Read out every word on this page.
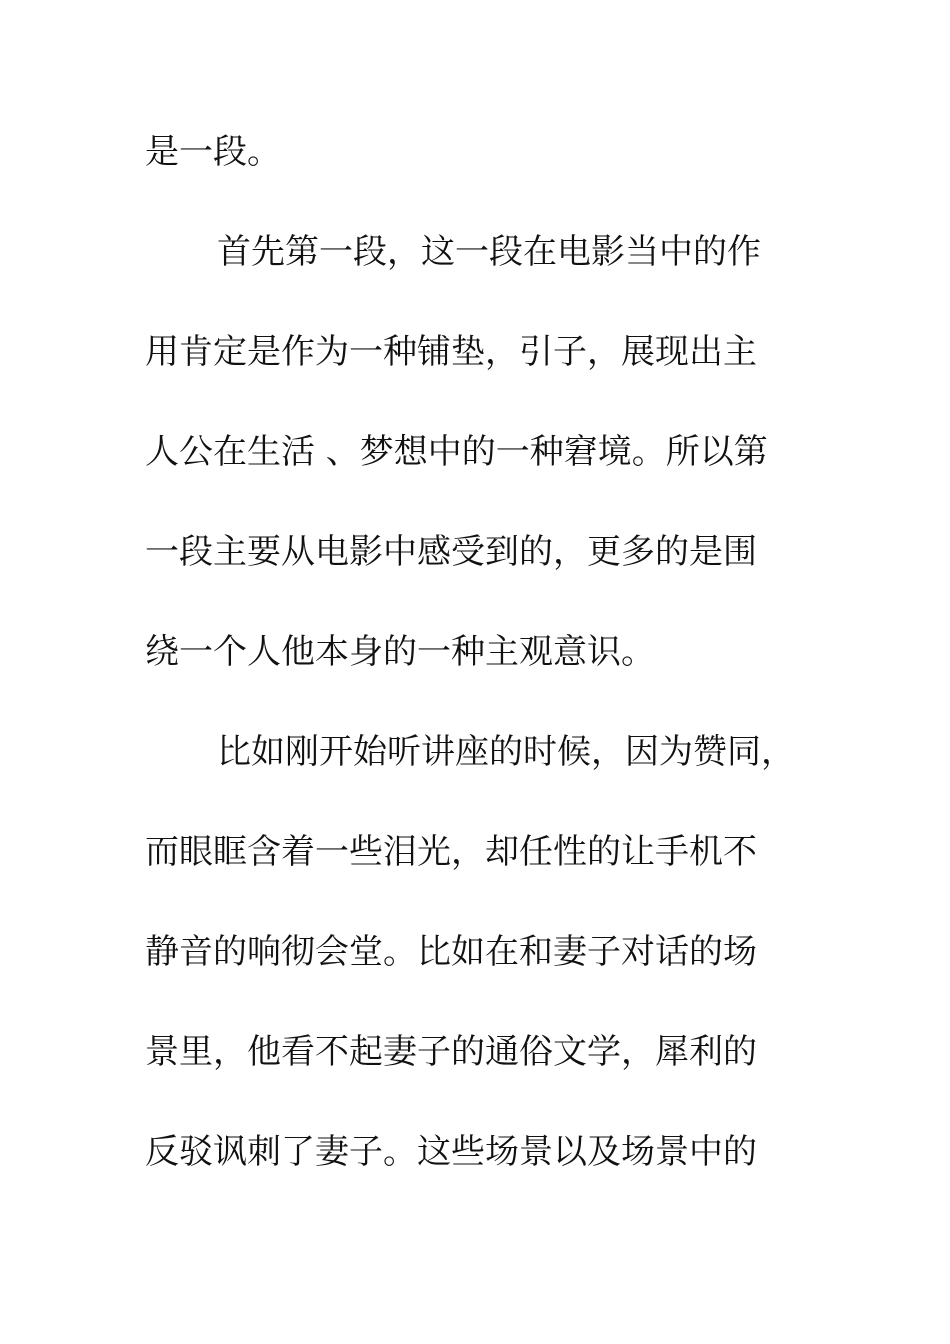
是一段。
首先第一段，这一段在电影当中的作
用肯定是作为一种铺垫，引子，展现出主
人公在生活 、梦想中的一种窘境。所以第
一段主要从电影中感受到的，更多的是围
绕一个人他本身的一种主观意识。
比如刚开始听讲座的时候，因为赞同，
而眼眶含着一些泪光，却任性的让手机不
静音的响彻会堂。比如在和妻子对话的场
景里，他看不起妻子的通俗文学，犀利的
反驳讽刺了妻子。这些场景以及场景中的
